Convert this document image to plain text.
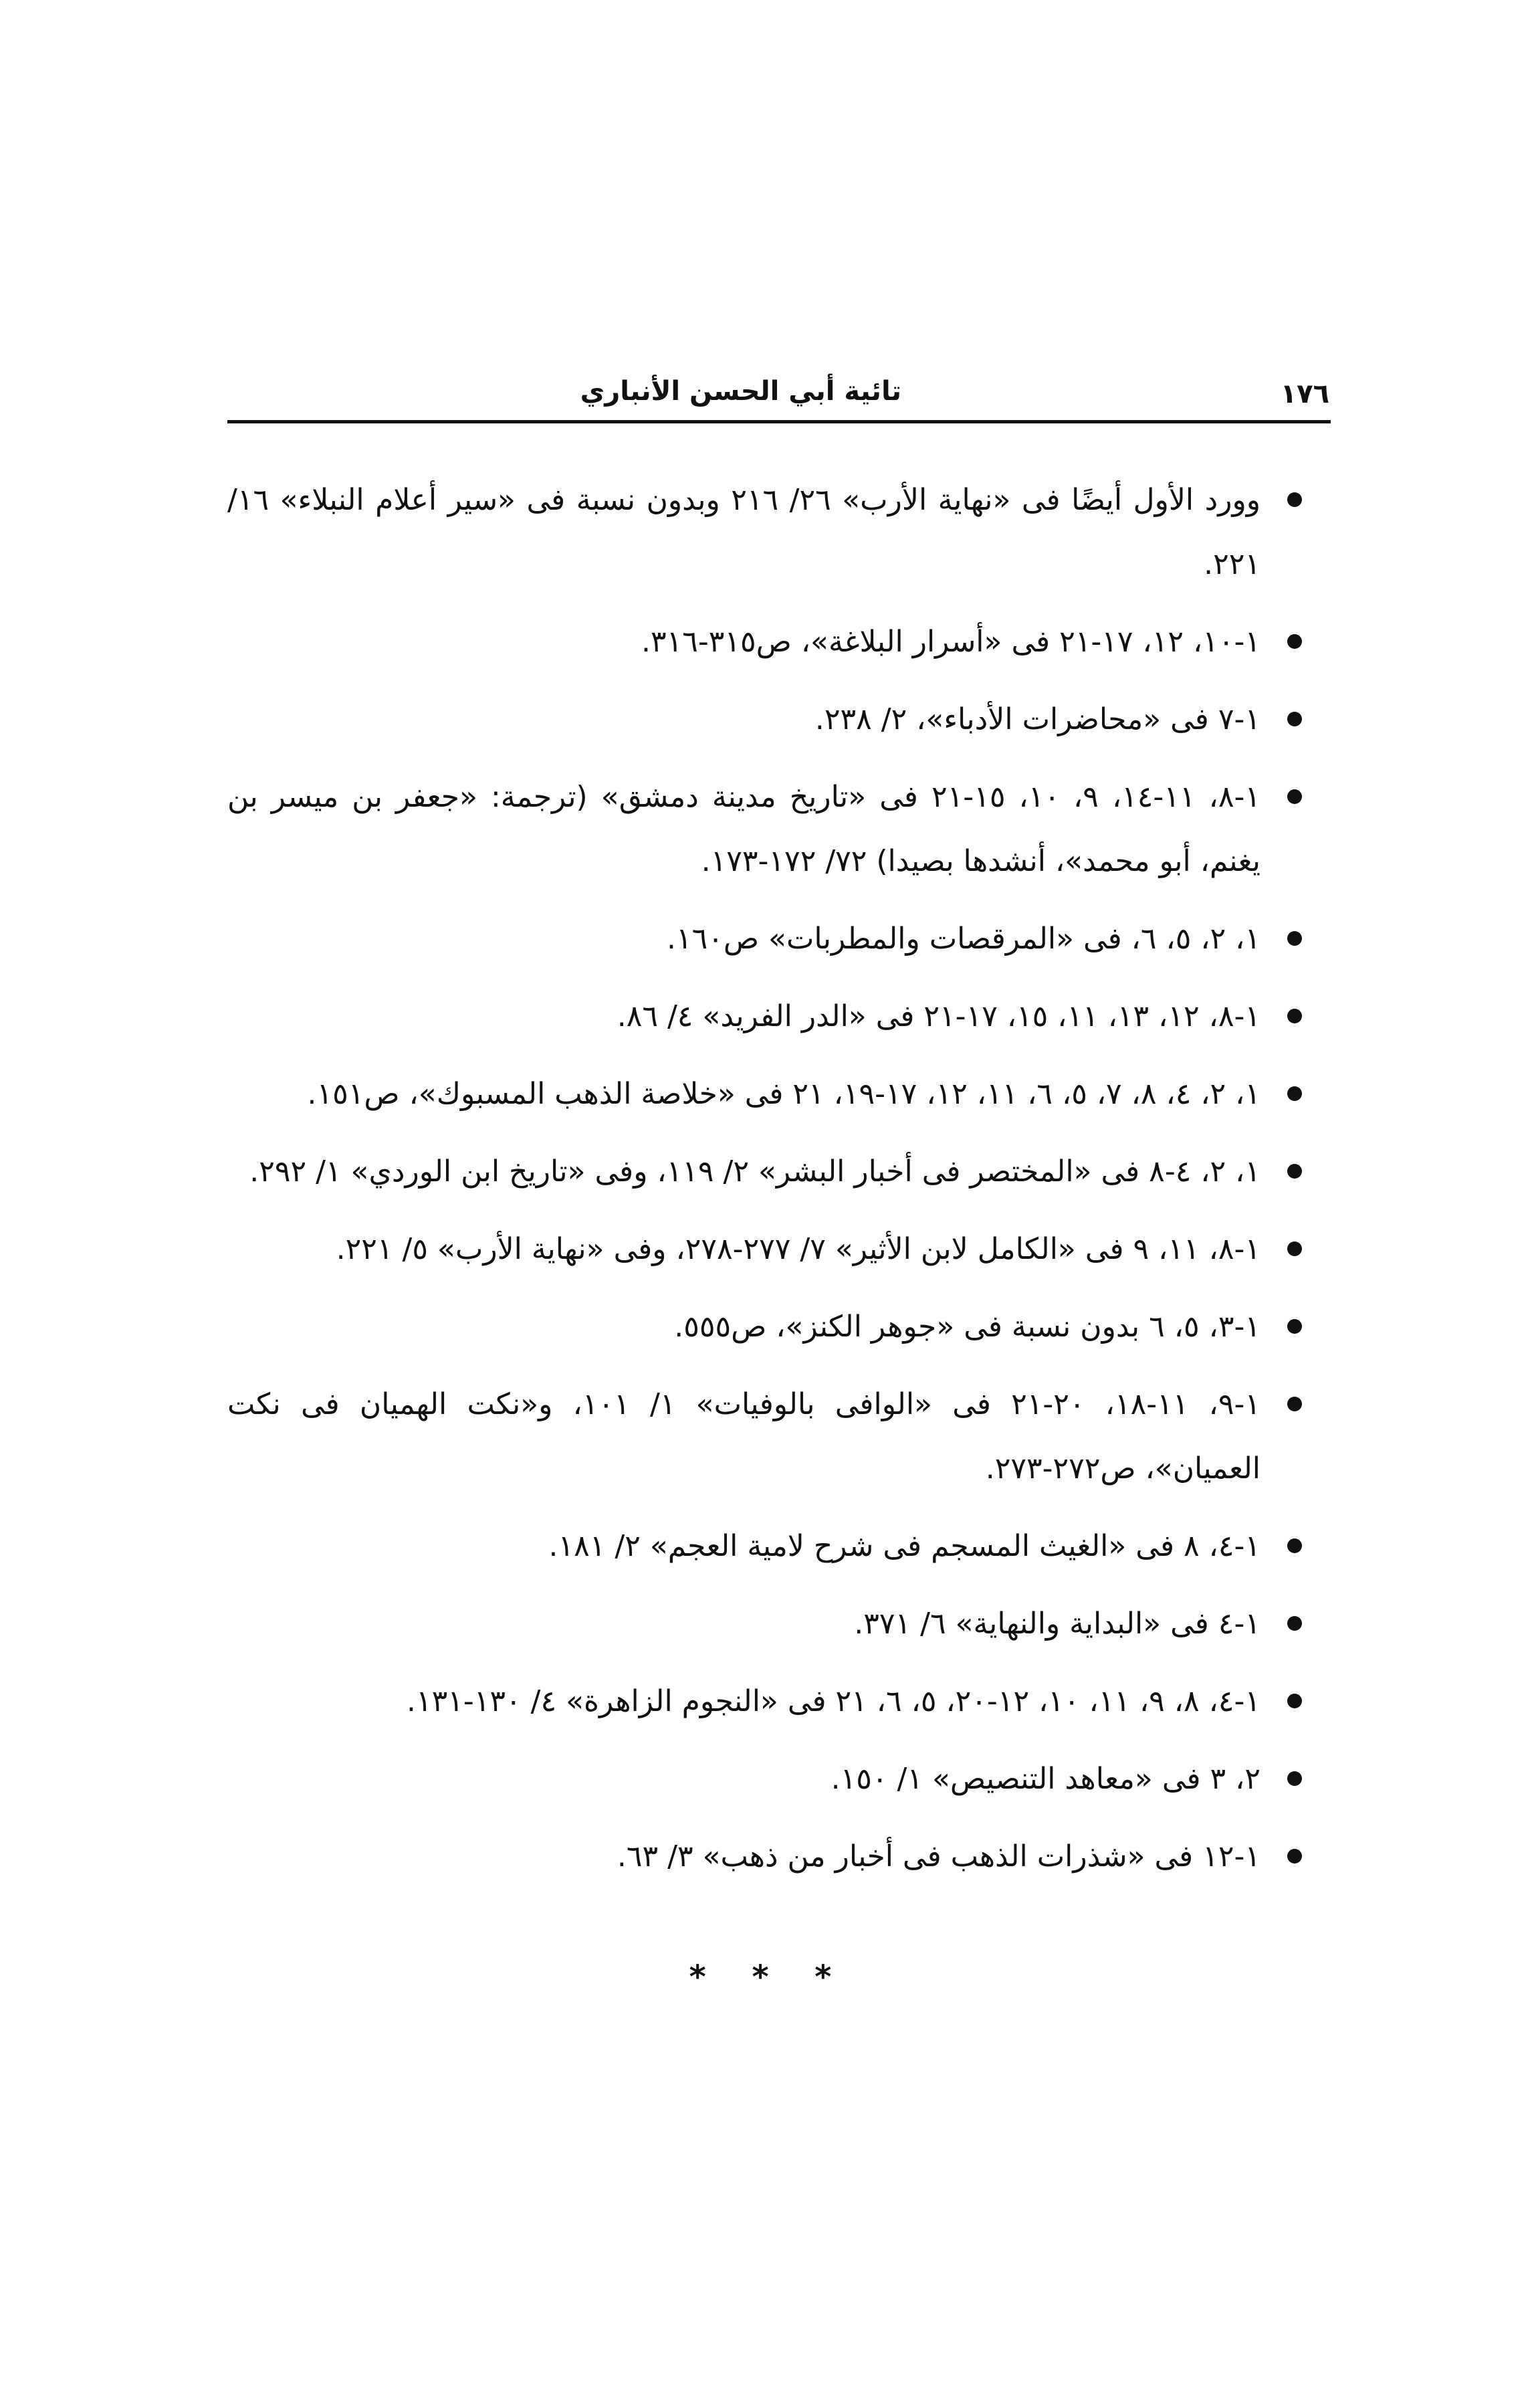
١٧٦
تائية أبي الحسن الأنباري
وورد الأول أيضًا فى «نهاية الأرب» ٢٦/ ٢١٦ وبدون نسبة فى «سير أعلام النبلاء» ١٦/ ٢٢١.
١-١٠، ١٢، ١٧-٢١ فى «أسرار البلاغة»، ص٣١٥-٣١٦.
١-٧ فى «محاضرات الأدباء»، ٢/ ٢٣٨.
١-٨، ١١-١٤، ٩، ١٠، ١٥-٢١ فى «تاريخ مدينة دمشق» (ترجمة: «جعفر بن ميسر بن يغنم، أبو محمد»، أنشدها بصيدا) ٧٢/ ١٧٢-١٧٣.
١، ٢، ٥، ٦، فى «المرقصات والمطربات» ص١٦٠.
١-٨، ١٢، ١٣، ١١، ١٥، ١٧-٢١ فى «الدر الفريد» ٤/ ٨٦.
١، ٢، ٤، ٨، ٧، ٥، ٦، ١١، ١٢، ١٧-١٩، ٢١ فى «خلاصة الذهب المسبوك»، ص١٥١.
١، ٢، ٤-٨ فى «المختصر فى أخبار البشر» ٢/ ١١٩، وفى «تاريخ ابن الوردي» ١/ ٢٩٢.
١-٨، ١١، ٩ فى «الكامل لابن الأثير» ٧/ ٢٧٧-٢٧٨، وفى «نهاية الأرب» ٥/ ٢٢١.
١-٣، ٥، ٦ بدون نسبة فى «جوهر الكنز»، ص٥٥٥.
١-٩، ١١-١٨، ٢٠-٢١ فى «الوافى بالوفيات» ١/ ١٠١، و«نكت الهميان فى نكت العميان»، ص٢٧٢-٢٧٣.
١-٤، ٨ فى «الغيث المسجم فى شرح لامية العجم» ٢/ ١٨١.
١-٤ فى «البداية والنهاية» ٦/ ٣٧١.
١-٤، ٨، ٩، ١١، ١٠، ١٢-٢٠، ٥، ٦، ٢١ فى «النجوم الزاهرة» ٤/ ١٣٠-١٣١.
٢، ٣ فى «معاهد التنصيص» ١/ ١٥٠.
١-١٢ فى «شذرات الذهب فى أخبار من ذهب» ٣/ ٦٣.
* * *
